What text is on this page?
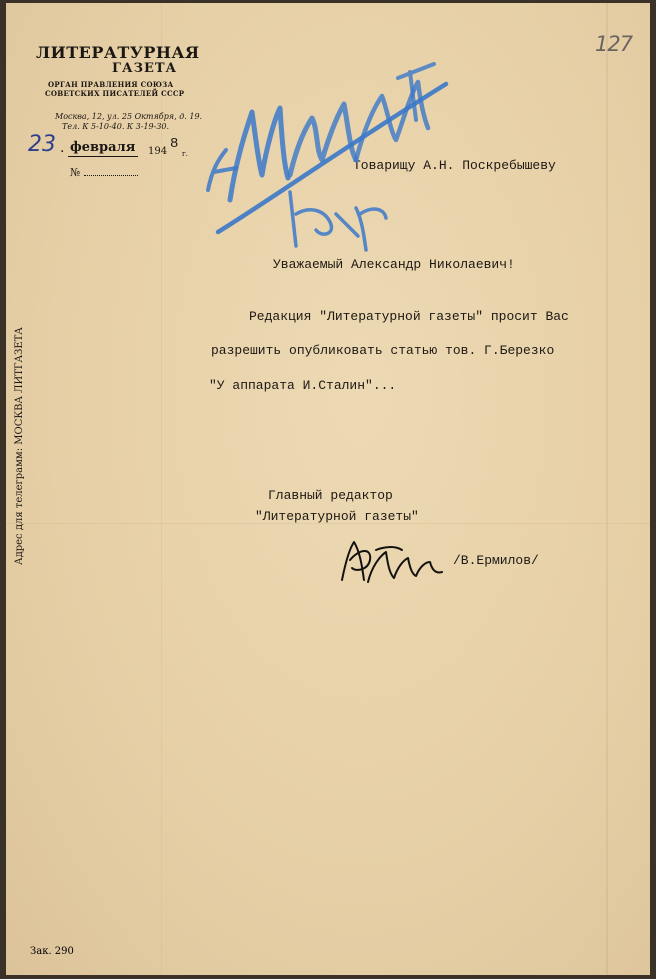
ЛИТЕРАТУРНАЯ
ГАЗЕТА
ОРГАН ПРАВЛЕНИЯ СОЮЗА
СОВЕТСКИХ ПИСАТЕЛЕЙ СССР
Москва, 12, ул. 25 Октября, д. 19.
Тел. К 5-10-40. К 3-19-30.
23 . февраля 194 8
г.
№
127
Адрес для телеграмм: МОСКВА ЛИТГАЗЕТА
Товарищу А.Н. Поскребышеву
Уважаемый Александр Николаевич!
Редакция "Литературной газеты" просит Вас
разрешить опубликовать статью тов. Г.Березко
"У аппарата И.Сталин"...
Главный редактор
"Литературной газеты"
/В.Ермилов/
Зак. 290
